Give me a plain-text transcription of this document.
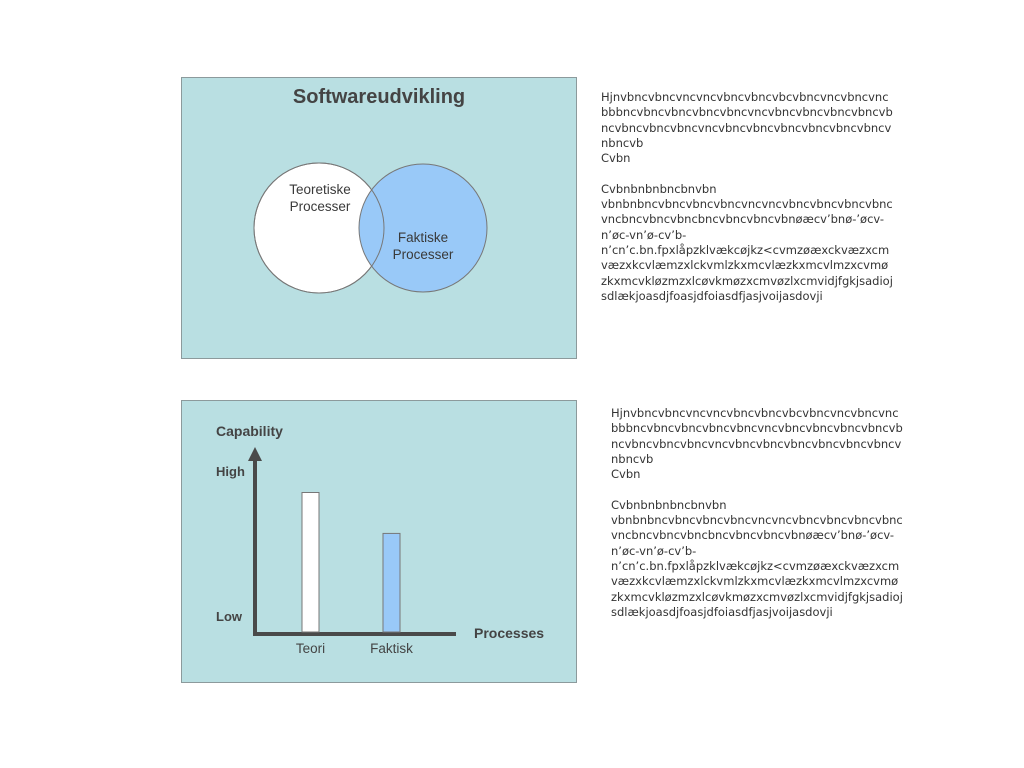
Softwareudvikling
Teoretiske
Processer
Faktiske
Processer
Capability
High
Low
Processes
Teori	Faktisk
Hjnvbncvbncvncvncvbncvbncvbcvbncvncvbncvnc
bbbncvbncvbncvbncvbncvncvbncvbncvbncvbncvb
ncvbncvbncvbncvncvbncvbncvbncvbncvbncvbncv
nbncvb
Cvbn
Cvbnbnbnbncbnvbn
vbnbnbncvbncvbncvbncvncvncvbncvbncvbncvbnc
vncbncvbncvbncbncvbncvbncvbnøæcv’bnø-’øcv-
n’øc-vn’ø-cv’b-
n’cn’c.bn.fpxlåpzklvækcøjkz<cvmzøæxckvæzxcm
væzxkcvlæmzxlckvmlzkxmcvlæzkxmcvlmzxcvmø
zkxmcvkløzmzxlcøvkmøzxcmvøzlxcmvidjfgkjsadioj
sdlækjoasdjfoasjdfoiasdfjasjvoijasdovji
Hjnvbncvbncvncvncvbncvbncvbcvbncvncvbncvnc
bbbncvbncvbncvbncvbncvncvbncvbncvbncvbncvb
ncvbncvbncvbncvncvbncvbncvbncvbncvbncvbncv
nbncvb
Cvbn
Cvbnbnbnbncbnvbn
vbnbnbncvbncvbncvbncvncvncvbncvbncvbncvbnc
vncbncvbncvbncbncvbncvbncvbnøæcv’bnø-’øcv-
n’øc-vn’ø-cv’b-
n’cn’c.bn.fpxlåpzklvækcøjkz<cvmzøæxckvæzxcm
væzxkcvlæmzxlckvmlzkxmcvlæzkxmcvlmzxcvmø
zkxmcvkløzmzxlcøvkmøzxcmvøzlxcmvidjfgkjsadioj
sdlækjoasdjfoasjdfoiasdfjasjvoijasdovji
